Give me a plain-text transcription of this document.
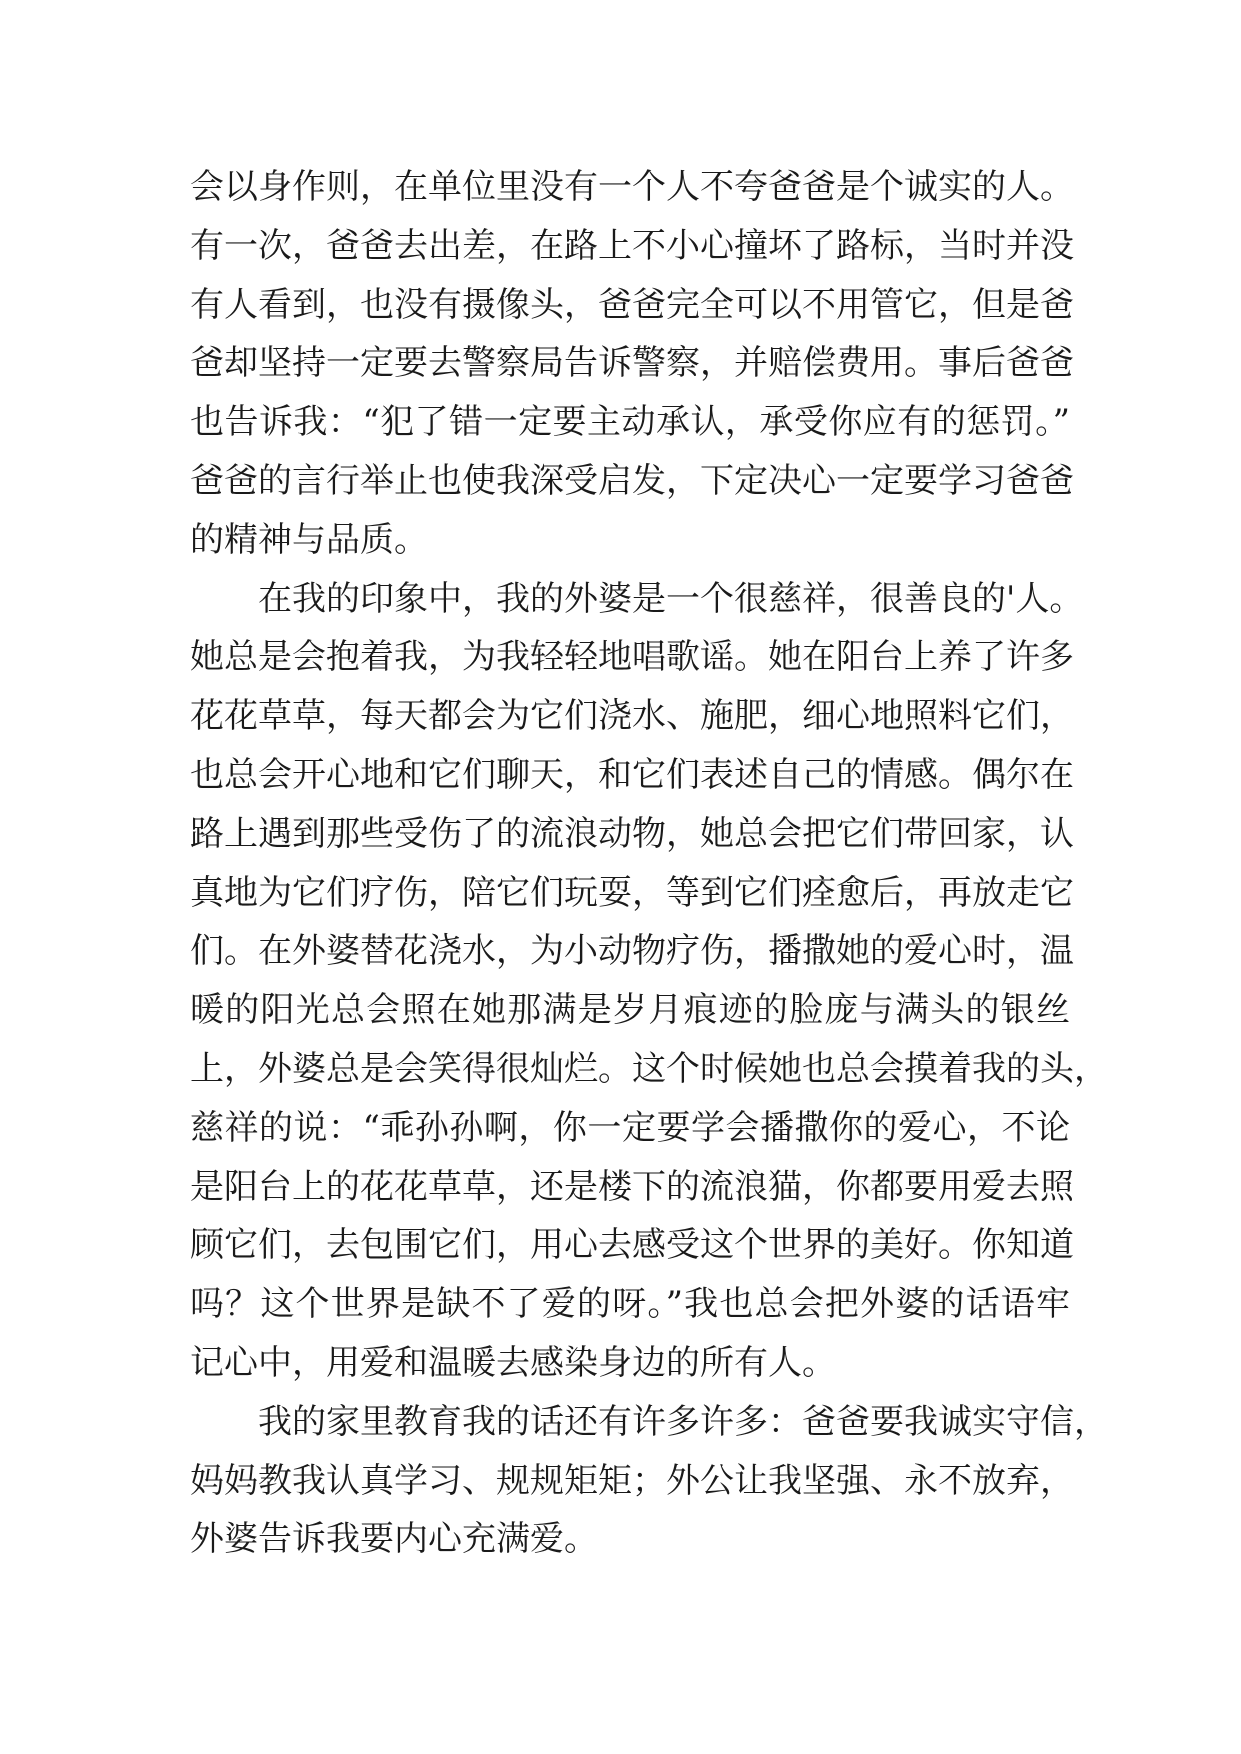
会以身作则，在单位里没有一个人不夸爸爸是个诚实的人。
有一次，爸爸去出差，在路上不小心撞坏了路标，当时并没
有人看到，也没有摄像头，爸爸完全可以不用管它，但是爸
爸却坚持一定要去警察局告诉警察，并赔偿费用。事后爸爸
也告诉我：“犯了错一定要主动承认，承受你应有的惩罚。”
爸爸的言行举止也使我深受启发，下定决心一定要学习爸爸
的精神与品质。
在我的印象中，我的外婆是一个很慈祥，很善良的'人。
她总是会抱着我，为我轻轻地唱歌谣。她在阳台上养了许多
花花草草，每天都会为它们浇水、施肥，细心地照料它们，
也总会开心地和它们聊天，和它们表述自己的情感。偶尔在
路上遇到那些受伤了的流浪动物，她总会把它们带回家，认
真地为它们疗伤，陪它们玩耍，等到它们痊愈后，再放走它
们。在外婆替花浇水，为小动物疗伤，播撒她的爱心时，温
暖的阳光总会照在她那满是岁月痕迹的脸庞与满头的银丝
上，外婆总是会笑得很灿烂。这个时候她也总会摸着我的头，
慈祥的说：“乖孙孙啊，你一定要学会播撒你的爱心，不论
是阳台上的花花草草，还是楼下的流浪猫，你都要用爱去照
顾它们，去包围它们，用心去感受这个世界的美好。你知道
吗？这个世界是缺不了爱的呀。”我也总会把外婆的话语牢
记心中，用爱和温暖去感染身边的所有人。
我的家里教育我的话还有许多许多：爸爸要我诚实守信，
妈妈教我认真学习、规规矩矩；外公让我坚强、永不放弃，
外婆告诉我要内心充满爱。
